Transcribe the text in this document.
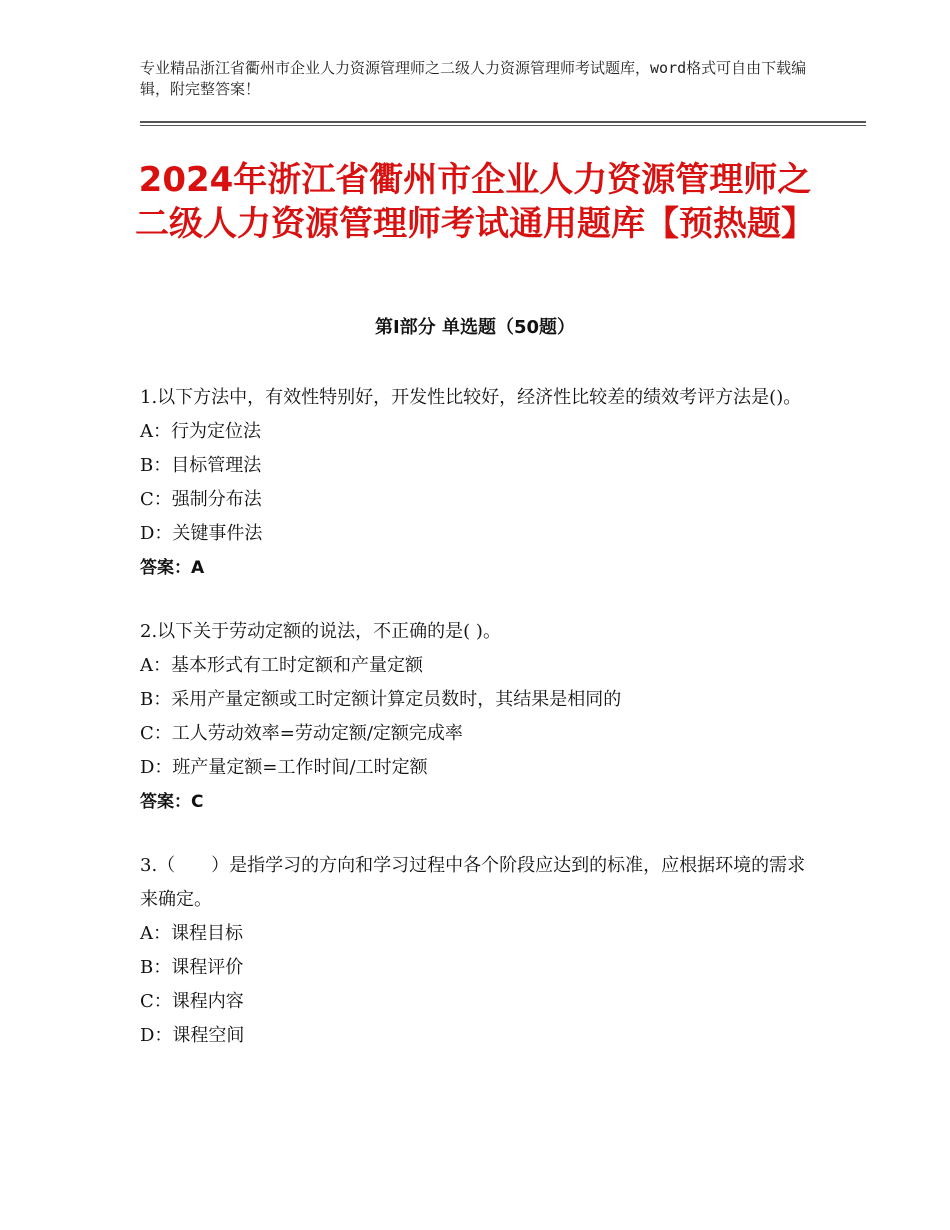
专业精品浙江省衢州市企业人力资源管理师之二级人力资源管理师考试题库，word格式可自由下载编辑，附完整答案！
2024年浙江省衢州市企业人力资源管理师之二级人力资源管理师考试通用题库【预热题】
第Ⅰ部分 单选题（50题）

1.以下方法中，有效性特别好，开发性比较好，经济性比较差的绩效考评方法是()。

A：行为定位法

B：目标管理法

C：强制分布法

D：关键事件法

答案：A

2.以下关于劳动定额的说法，不正确的是( )。

A：基本形式有工时定额和产量定额

B：采用产量定额或工时定额计算定员数时，其结果是相同的

C：工人劳动效率=劳动定额/定额完成率

D：班产量定额=工作时间/工时定额

答案：C

3.（　　）是指学习的方向和学习过程中各个阶段应达到的标准，应根据环境的需求来确定。

A：课程目标

B：课程评价

C：课程内容

D：课程空间
